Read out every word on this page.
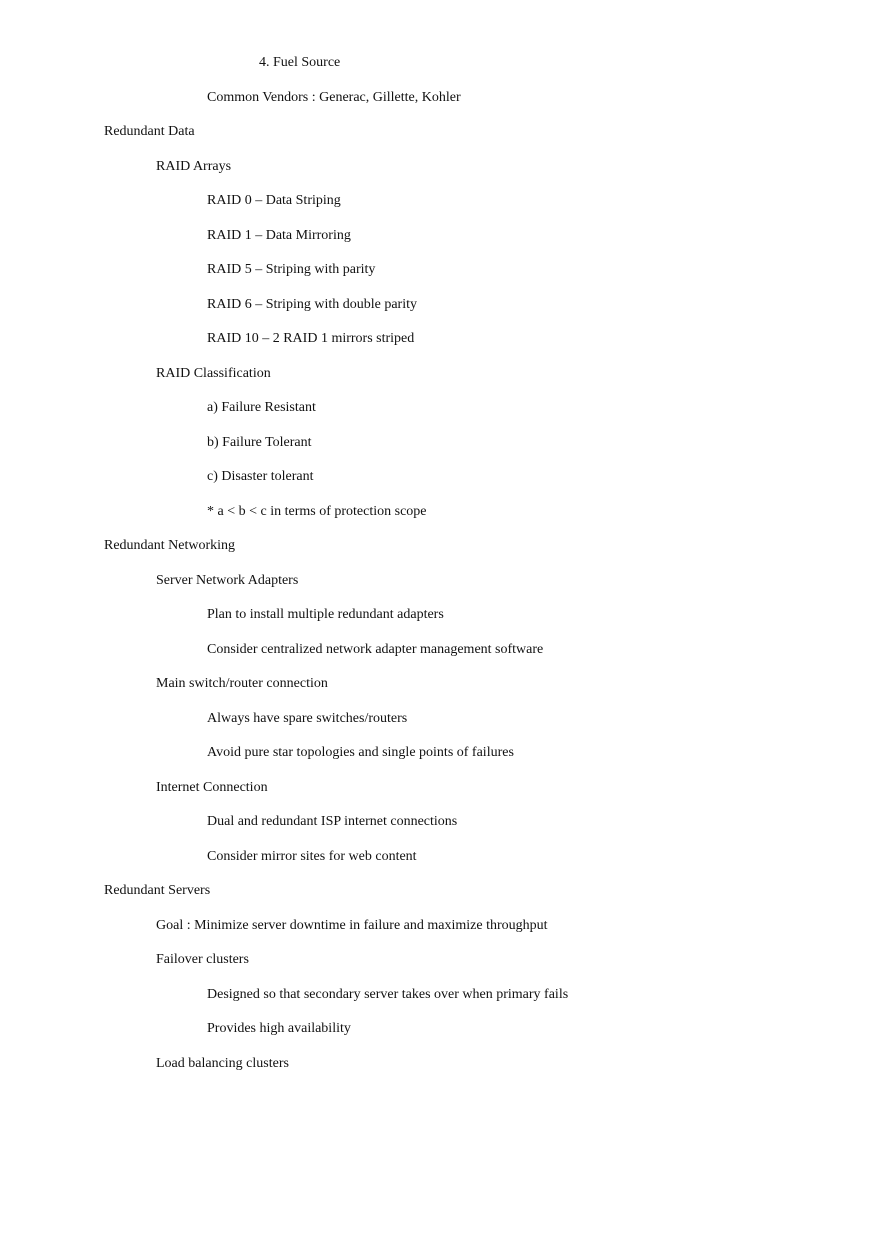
4. Fuel Source

Common Vendors : Generac, Gillette, Kohler

Redundant Data

RAID Arrays

RAID 0 – Data Striping

RAID 1 – Data Mirroring

RAID 5 – Striping with parity

RAID 6 – Striping with double parity

RAID 10 – 2 RAID 1 mirrors striped

RAID Classification

a) Failure Resistant

b) Failure Tolerant

c) Disaster tolerant

* a < b < c in terms of protection scope

Redundant Networking

Server Network Adapters

Plan to install multiple redundant adapters

Consider centralized network adapter management software

Main switch/router connection

Always have spare switches/routers

Avoid pure star topologies and single points of failures

Internet Connection

Dual and redundant ISP internet connections

Consider mirror sites for web content

Redundant Servers

Goal : Minimize server downtime in failure and maximize throughput

Failover clusters

Designed so that secondary server takes over when primary fails

Provides high availability

Load balancing clusters
